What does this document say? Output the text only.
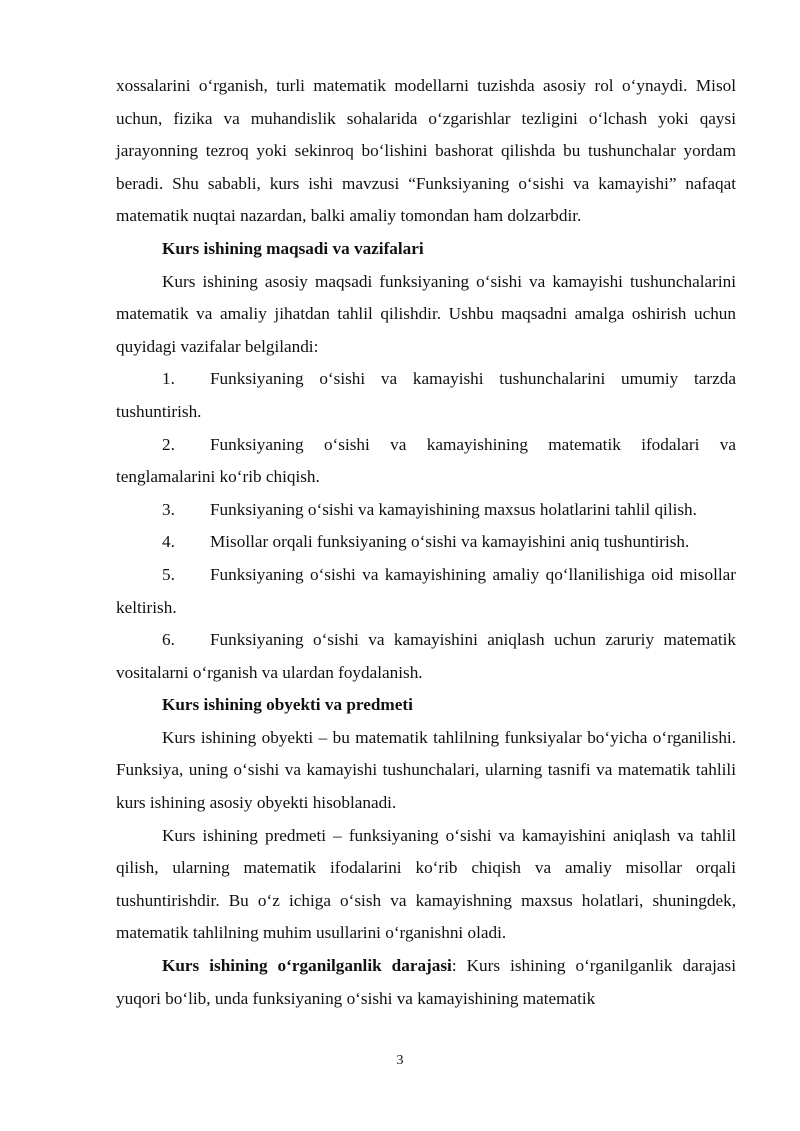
xossalarini o‘rganish, turli matematik modellarni tuzishda asosiy rol o‘ynaydi. Misol uchun, fizika va muhandislik sohalarida o‘zgarishlar tezligini o‘lchash yoki qaysi jarayonning tezroq yoki sekinroq bo‘lishini bashorat qilishda bu tushunchalar yordam beradi. Shu sababli, kurs ishi mavzusi “Funksiyaning o‘sishi va kamayishi” nafaqat matematik nuqtai nazardan, balki amaliy tomondan ham dolzarbdir.

Kurs ishining maqsadi va vazifalari

Kurs ishining asosiy maqsadi funksiyaning o‘sishi va kamayishi tushunchalarini matematik va amaliy jihatdan tahlil qilishdir. Ushbu maqsadni amalga oshirish uchun quyidagi vazifalar belgilandi:

1. Funksiyaning o‘sishi va kamayishi tushunchalarini umumiy tarzda tushuntirish.

2. Funksiyaning o‘sishi va kamayishining matematik ifodalari va tenglamalarini ko‘rib chiqish.

3. Funksiyaning o‘sishi va kamayishining maxsus holatlarini tahlil qilish.

4. Misollar orqali funksiyaning o‘sishi va kamayishini aniq tushuntirish.

5. Funksiyaning o‘sishi va kamayishining amaliy qo‘llanilishiga oid misollar keltirish.

6. Funksiyaning o‘sishi va kamayishini aniqlash uchun zaruriy matematik vositalarni o‘rganish va ulardan foydalanish.

Kurs ishining obyekti va predmeti

Kurs ishining obyekti – bu matematik tahlilning funksiyalar bo‘yicha o‘rganilishi. Funksiya, uning o‘sishi va kamayishi tushunchalari, ularning tasnifi va matematik tahlili kurs ishining asosiy obyekti hisoblanadi.

Kurs ishining predmeti – funksiyaning o‘sishi va kamayishini aniqlash va tahlil qilish, ularning matematik ifodalarini ko‘rib chiqish va amaliy misollar orqali tushuntirishdir. Bu o‘z ichiga o‘sish va kamayishning maxsus holatlari, shuningdek, matematik tahlilning muhim usullarini o‘rganishni oladi.

Kurs ishining o‘rganilganlik darajasi: Kurs ishining o‘rganilganlik darajasi yuqori bo‘lib, unda funksiyaning o‘sishi va kamayishining matematik

3
